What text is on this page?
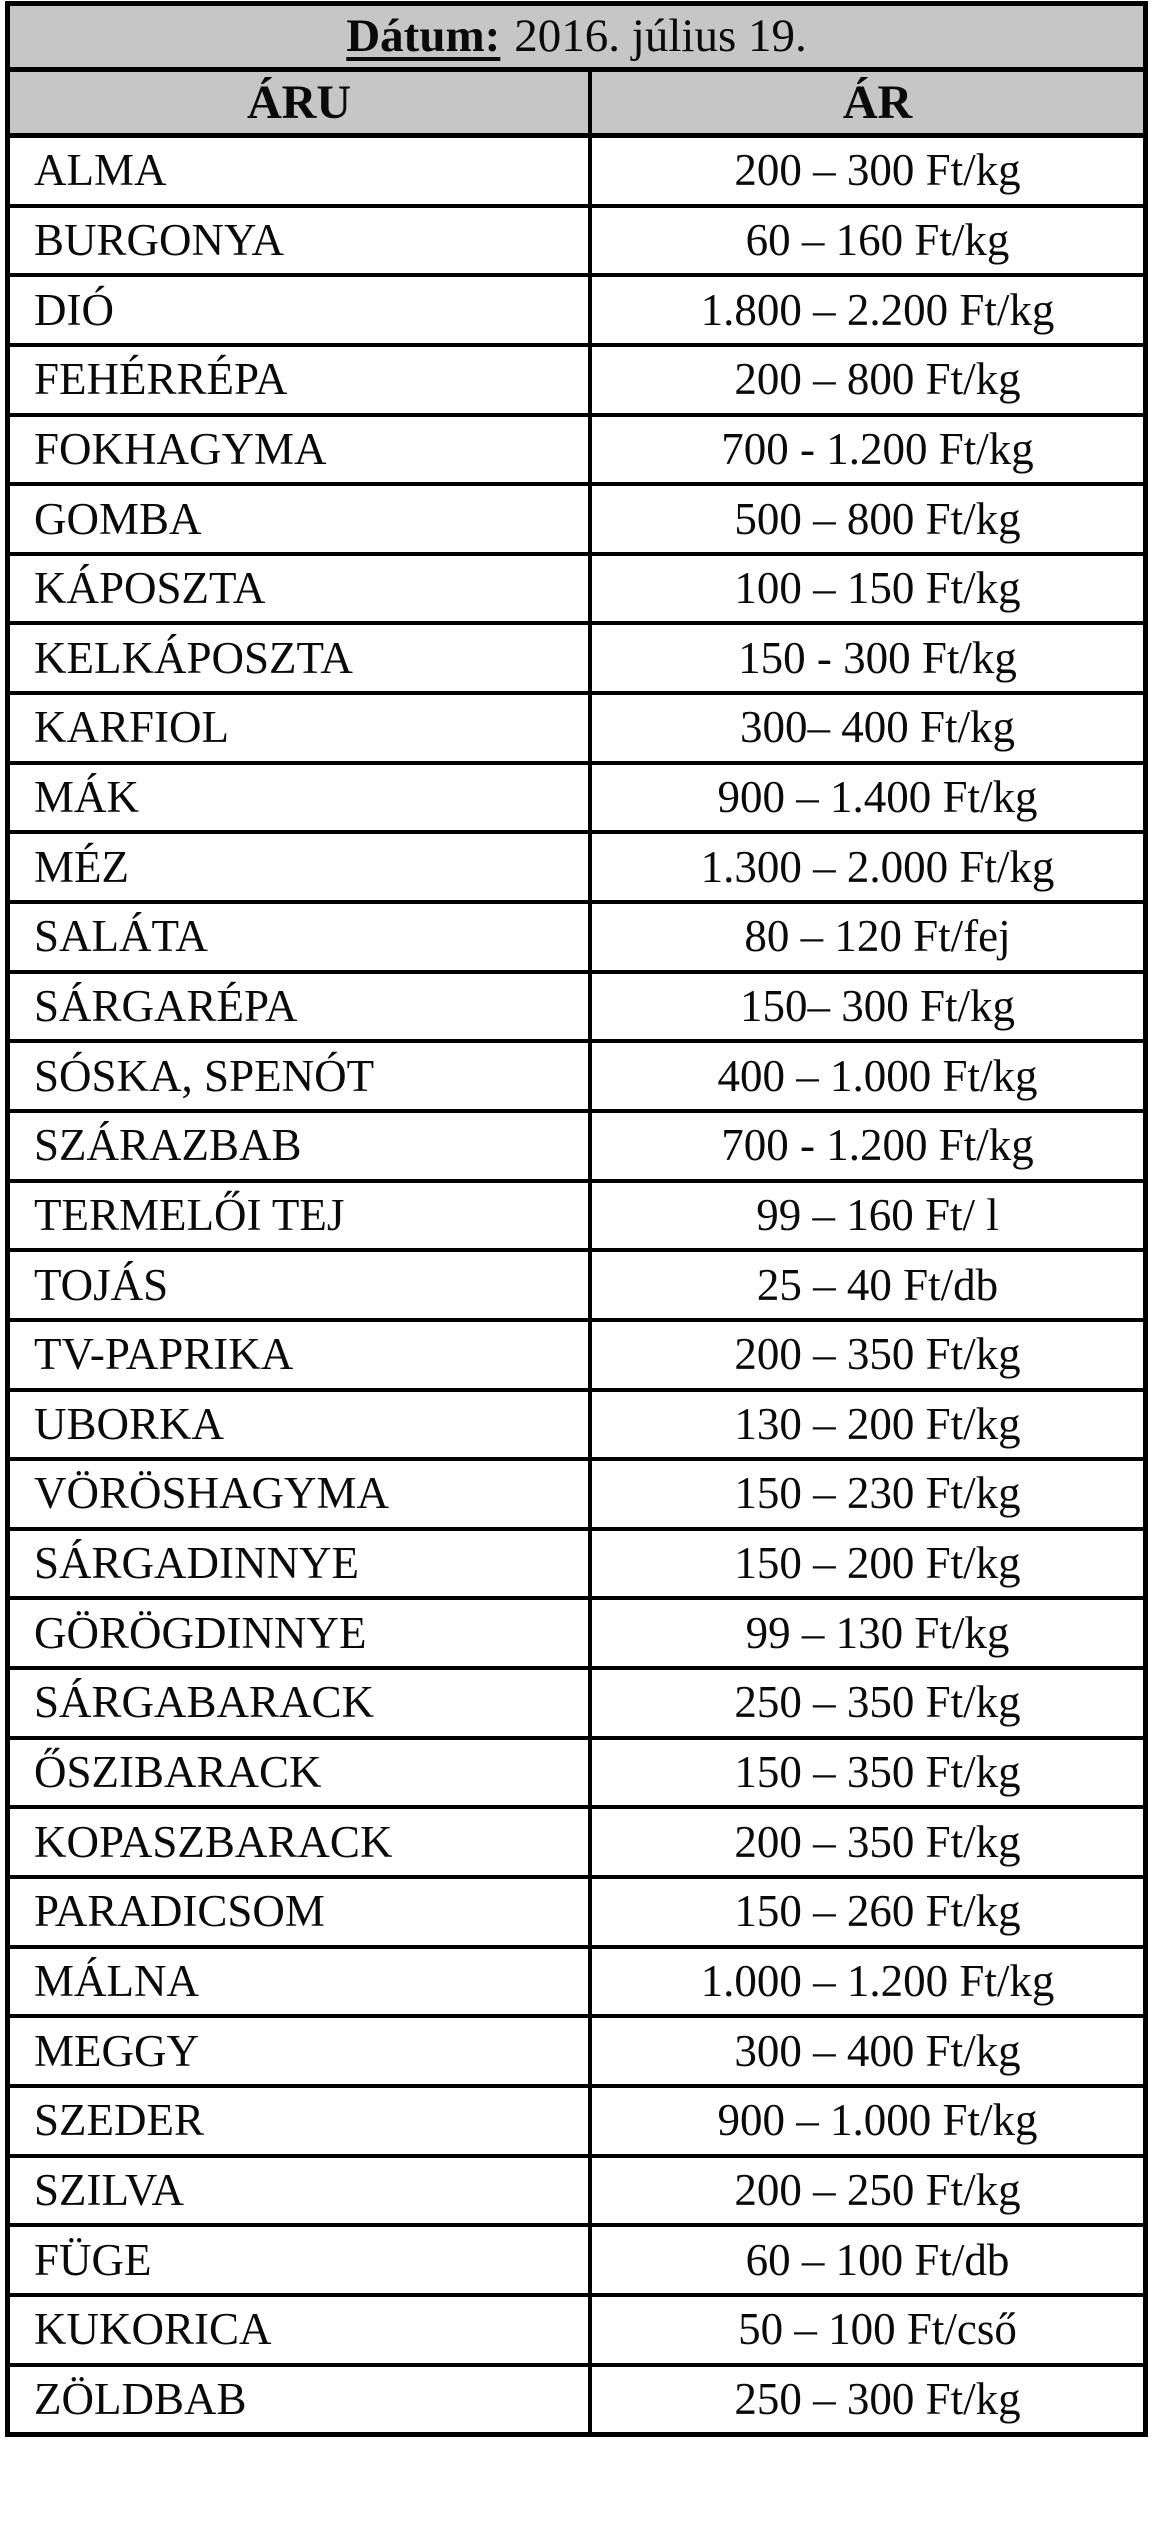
Dátum: 2016. július 19.
ÁRU	ÁR
ALMA	200 – 300 Ft/kg
BURGONYA	60 – 160 Ft/kg
DIÓ	1.800 – 2.200 Ft/kg
FEHÉRRÉPA	200 – 800 Ft/kg
FOKHAGYMA	700 - 1.200 Ft/kg
GOMBA	500 – 800 Ft/kg
KÁPOSZTA	100 – 150 Ft/kg
KELKÁPOSZTA	150 - 300 Ft/kg
KARFIOL	300– 400 Ft/kg
MÁK	900 – 1.400 Ft/kg
MÉZ	1.300 – 2.000 Ft/kg
SALÁTA	80 – 120 Ft/fej
SÁRGARÉPA	150– 300 Ft/kg
SÓSKA, SPENÓT	400 – 1.000 Ft/kg
SZÁRAZBAB	700 - 1.200 Ft/kg
TERMELŐI TEJ	99 – 160 Ft/ l
TOJÁS	25 – 40 Ft/db
TV-PAPRIKA	200 – 350 Ft/kg
UBORKA	130 – 200 Ft/kg
VÖRÖSHAGYMA	150 – 230 Ft/kg
SÁRGADINNYE	150 – 200 Ft/kg
GÖRÖGDINNYE	99 – 130 Ft/kg
SÁRGABARACK	250 – 350 Ft/kg
ŐSZIBARACK	150 – 350 Ft/kg
KOPASZBARACK	200 – 350 Ft/kg
PARADICSOM	150 – 260 Ft/kg
MÁLNA	1.000 – 1.200 Ft/kg
MEGGY	300 – 400 Ft/kg
SZEDER	900 – 1.000 Ft/kg
SZILVA	200 – 250 Ft/kg
FÜGE	60 – 100 Ft/db
KUKORICA	50 – 100 Ft/cső
ZÖLDBAB	250 – 300 Ft/kg
